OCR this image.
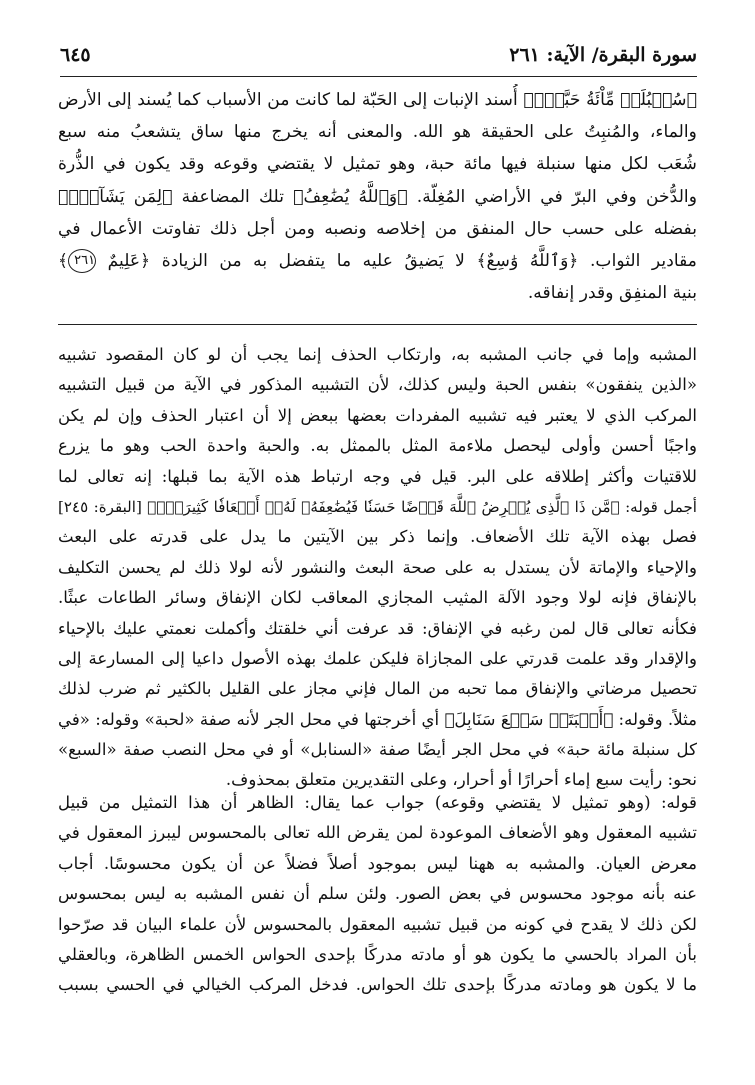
سورة البقرة/ الآية: ٢٦١
٦٤٥
﴿سُنۢبُلَةٖ مِّاْئَةُ حَبَّةٖۗ﴾ أُسند الإنبات إلى الحَبّة لما كانت من الأسباب كما يُسند إلى الأرض
والماء، والمُنبِتُ على الحقيقة هو الله. والمعنى أنه يخرج منها ساق يتشعبُ منه سبع
شُعَب لكل منها سنبلة فيها مائة حبة، وهو تمثيل لا يقتضي وقوعه وقد يكون في الذُّرة
والدُّخن وفي البرّ في الأراضي المُغِلّة. ﴿وَٱللَّهُ يُضَٰعِفُ﴾ تلك المضاعفة ﴿لِمَن يَشَآءُۚ﴾
بفضله على حسب حال المنفق من إخلاصه ونصبه ومن أجل ذلك تفاوتت الأعمال في
مقادير الثواب. ﴿وَٱللَّهُ وَٰسِعٌ﴾ لا يَضيقُ عليه ما يتفضل به من الزيادة ﴿عَلِيمٌ ٢٦١﴾
بنية المنفِق وقدر إنفاقه.
المشبه وإما في جانب المشبه به، وارتكاب الحذف إنما يجب أن لو كان المقصود تشبيه
«الذين ينفقون» بنفس الحبة وليس كذلك، لأن التشبيه المذكور في الآية من قبيل التشبيه
المركب الذي لا يعتبر فيه تشبيه المفردات بعضها ببعض إلا أن اعتبار الحذف وإن لم يكن
واجبًا أحسن وأولى ليحصل ملاءمة المثل بالممثل به. والحبة واحدة الحب وهو ما يزرع
للاقتيات وأكثر إطلاقه على البر. قيل في وجه ارتباط هذه الآية بما قبلها: إنه تعالى لما
أجمل قوله: ﴿مَّن ذَا ٱلَّذِى يُقۡرِضُ ٱللَّهَ قَرۡضًا حَسَنٗا فَيُضَٰعِفَهُۥ لَهُۥٓ أَضۡعَافٗا كَثِيرَةٗۚ﴾ [البقرة: ٢٤٥]
فصل بهذه الآية تلك الأضعاف. وإنما ذكر بين الآيتين ما يدل على قدرته على البعث
والإحياء والإماتة لأن يستدل به على صحة البعث والنشور لأنه لولا ذلك لم يحسن التكليف
بالإنفاق فإنه لولا وجود الآلة المثيب المجازي المعاقب لكان الإنفاق وسائر الطاعات عبثًا.
فكأنه تعالى قال لمن رغبه في الإنفاق: قد عرفت أني خلقتك وأكملت نعمتي عليك بالإحياء
والإقدار وقد علمت قدرتي على المجازاة فليكن علمك بهذه الأصول داعيا إلى المسارعة إلى
تحصيل مرضاتي والإنفاق مما تحبه من المال فإني مجاز على القليل بالكثير ثم ضرب لذلك
مثلاً. وقوله: ﴿أَنۢبَتَتۡ سَبۡعَ سَنَابِلَ﴾ أي أخرجتها في محل الجر لأنه صفة «لحبة» وقوله: «في
كل سنبلة مائة حبة» في محل الجر أيضًا صفة «السنابل» أو في محل النصب صفة «السبع»
نحو: رأيت سبع إماء أحرارًا أو أحرار، وعلى التقديرين متعلق بمحذوف.
قوله: (وهو تمثيل لا يقتضي وقوعه) جواب عما يقال: الظاهر أن هذا التمثيل من قبيل
تشبيه المعقول وهو الأضعاف الموعودة لمن يقرض الله تعالى بالمحسوس ليبرز المعقول في
معرض العيان. والمشبه به ههنا ليس بموجود أصلاً فضلاً عن أن يكون محسوسًا. أجاب
عنه بأنه موجود محسوس في بعض الصور. ولئن سلم أن نفس المشبه به ليس بمحسوس
لكن ذلك لا يقدح في كونه من قبيل تشبيه المعقول بالمحسوس لأن علماء البيان قد صرّحوا
بأن المراد بالحسي ما يكون هو أو مادته مدركًا بإحدى الحواس الخمس الظاهرة، وبالعقلي
ما لا يكون هو ومادته مدركًا بإحدى تلك الحواس. فدخل المركب الخيالي في الحسي بسبب
